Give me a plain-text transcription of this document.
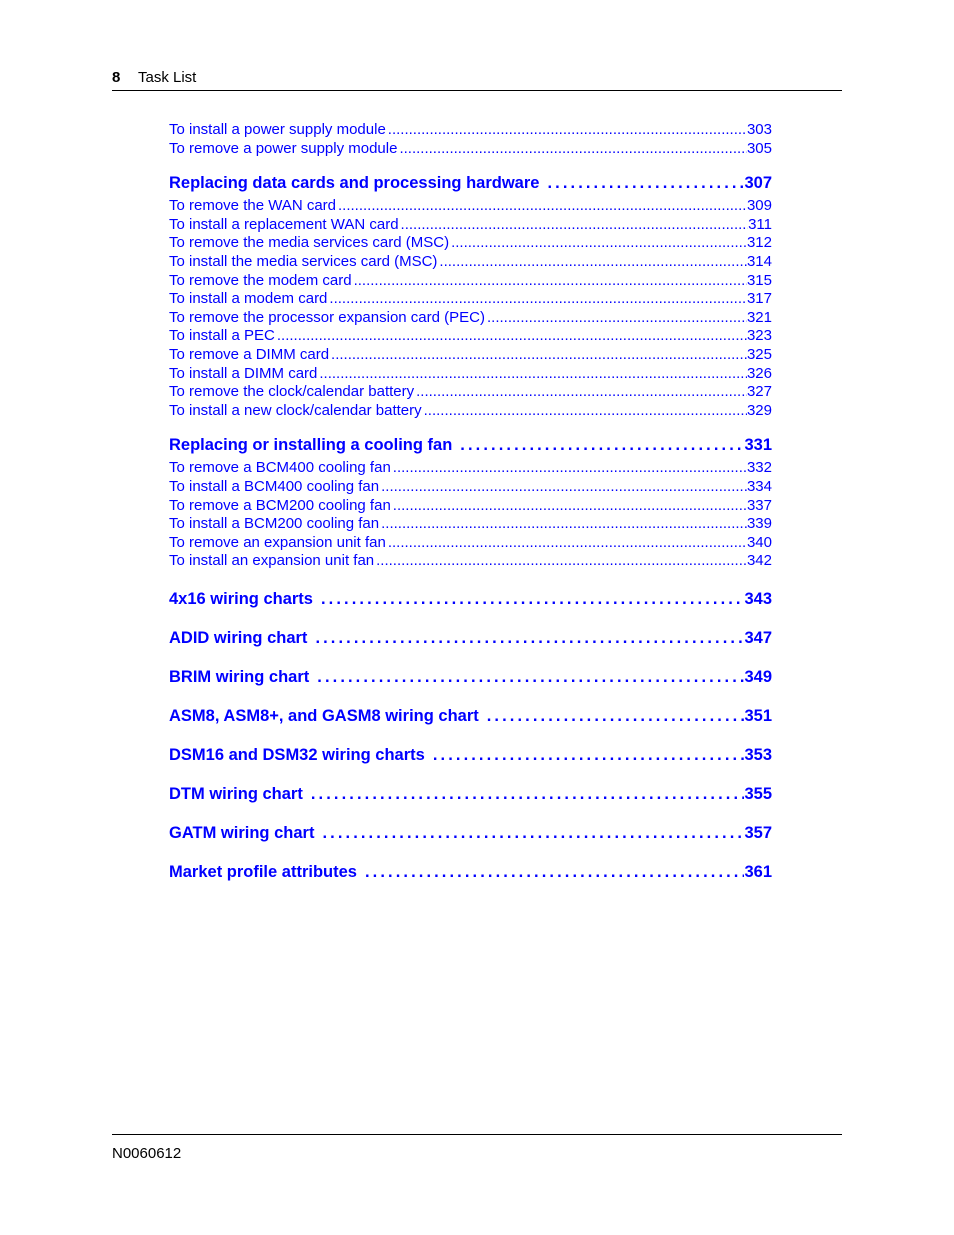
8 Task List
To install a power supply module .....	303
To remove a power supply module .....	305
Replacing data cards and processing hardware .....	307
To remove the WAN card .....	309
To install a replacement WAN card .....	311
To remove the media services card (MSC) .....	312
To install the media services card (MSC) .....	314
To remove the modem card .....	315
To install a modem card .....	317
To remove the processor expansion card (PEC) .....	321
To install a PEC .....	323
To remove a DIMM card .....	325
To install a DIMM card .....	326
To remove the clock/calendar battery .....	327
To install a new clock/calendar battery .....	329
Replacing or installing a cooling fan .....	331
To remove a BCM400 cooling fan .....	332
To install a BCM400 cooling fan .....	334
To remove a BCM200 cooling fan .....	337
To install a BCM200 cooling fan .....	339
To remove an expansion unit fan .....	340
To install an expansion unit fan .....	342
4x16 wiring charts .....	343
ADID wiring chart .....	347
BRIM wiring chart .....	349
ASM8, ASM8+, and GASM8 wiring chart .....	351
DSM16 and DSM32 wiring charts .....	353
DTM wiring chart .....	355
GATM wiring chart .....	357
Market profile attributes .....	361
N0060612
